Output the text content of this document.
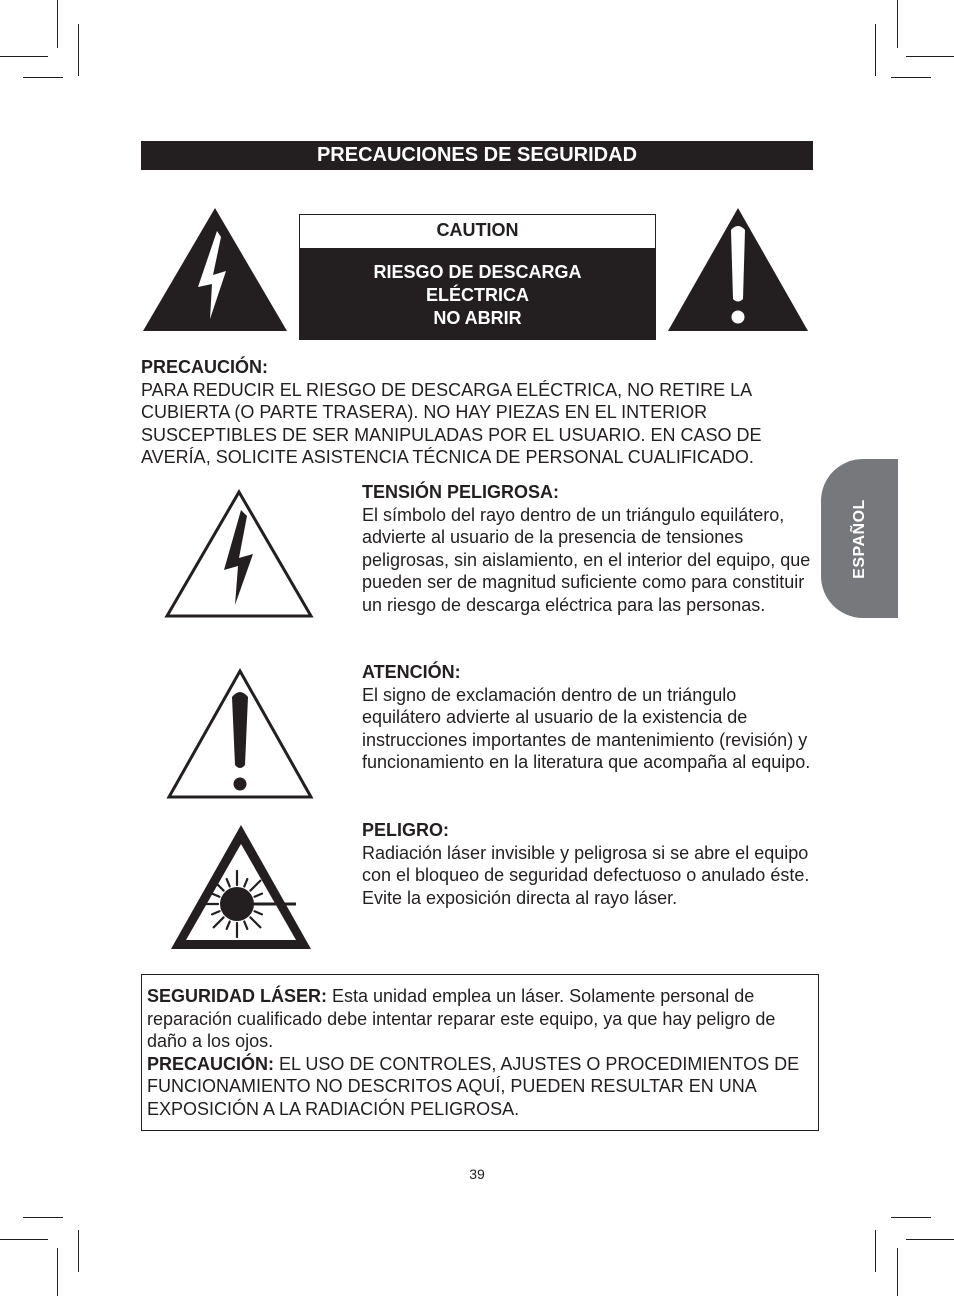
PRECAUCIONES DE SEGURIDAD
CAUTION
RIESGO DE DESCARGA
ELÉCTRICA
NO ABRIR
PRECAUCIÓN:
PARA REDUCIR EL RIESGO DE DESCARGA ELÉCTRICA, NO RETIRE LA CUBIERTA (O PARTE TRASERA). NO HAY PIEZAS EN EL INTERIOR SUSCEPTIBLES DE SER MANIPULADAS POR EL USUARIO. EN CASO DE AVERÍA, SOLICITE ASISTENCIA TÉCNICA DE PERSONAL CUALIFICADO.
TENSIÓN PELIGROSA:
El símbolo del rayo dentro de un triángulo equilátero, advierte al usuario de la presencia de tensiones peligrosas, sin aislamiento, en el interior del equipo, que pueden ser de magnitud suficiente como para constituir un riesgo de descarga eléctrica para las personas.
ATENCIÓN:
El signo de exclamación dentro de un triángulo equilátero advierte al usuario de la existencia de instrucciones importantes de mantenimiento (revisión) y funcionamiento en la literatura que acompaña al equipo.
PELIGRO:
Radiación láser invisible y peligrosa si se abre el equipo con el bloqueo de seguridad defectuoso o anulado éste. Evite la exposición directa al rayo láser.
ESPAÑOL
SEGURIDAD LÁSER: Esta unidad emplea un láser. Solamente personal de reparación cualificado debe intentar reparar este equipo, ya que hay peligro de daño a los ojos.
PRECAUCIÓN: EL USO DE CONTROLES, AJUSTES O PROCEDIMIENTOS DE FUNCIONAMIENTO NO DESCRITOS AQUÍ, PUEDEN RESULTAR EN UNA EXPOSICIÓN A LA RADIACIÓN PELIGROSA.
39
